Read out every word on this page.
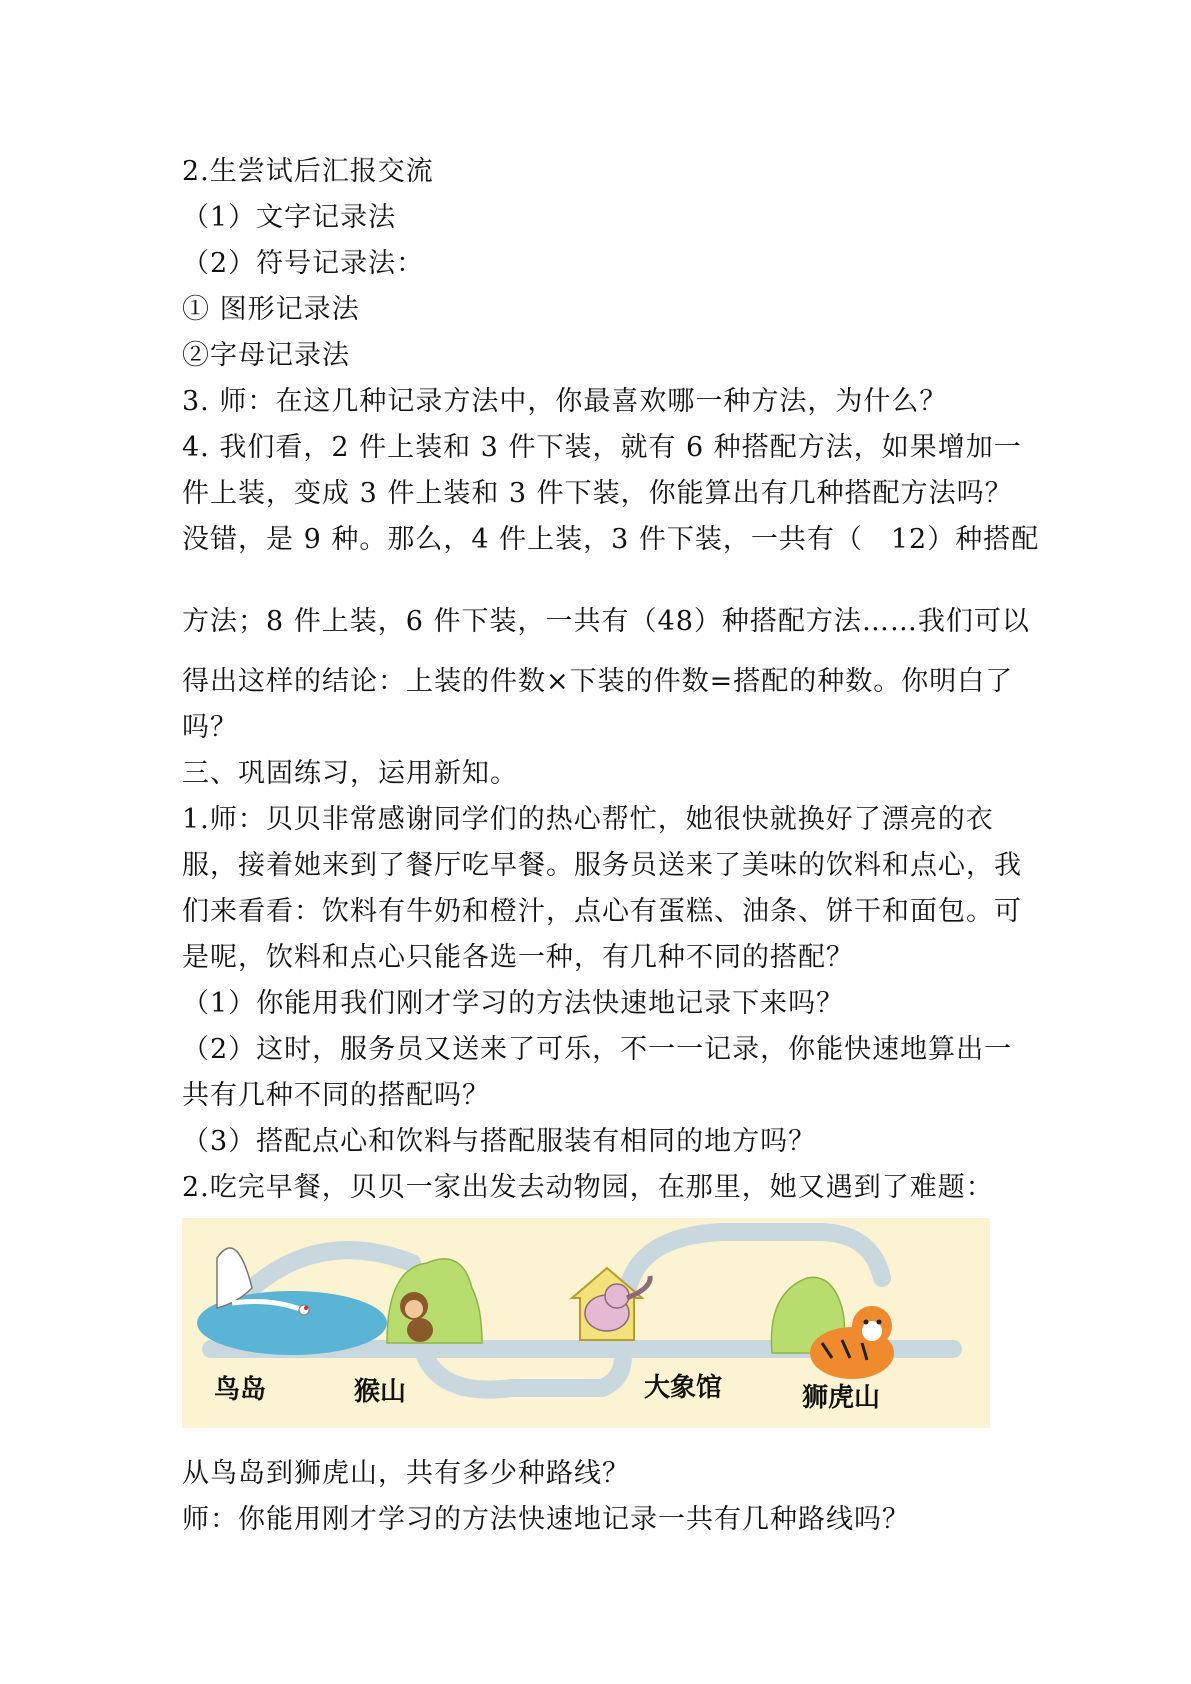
2.生尝试后汇报交流
（1）文字记录法
（2）符号记录法：
① 图形记录法
②字母记录法
3. 师：在这几种记录方法中，你最喜欢哪一种方法，为什么？
4. 我们看，2 件上装和 3 件下装，就有 6 种搭配方法，如果增加一
件上装，变成 3 件上装和 3 件下装，你能算出有几种搭配方法吗？
没错，是 9 种。那么，4 件上装，3 件下装，一共有（　12）种搭配
方法；8 件上装，6 件下装，一共有（48）种搭配方法……我们可以
得出这样的结论：上装的件数×下装的件数=搭配的种数。你明白了
吗？
三、巩固练习，运用新知。
1.师：贝贝非常感谢同学们的热心帮忙，她很快就换好了漂亮的衣
服，接着她来到了餐厅吃早餐。服务员送来了美味的饮料和点心，我
们来看看：饮料有牛奶和橙汁，点心有蛋糕、油条、饼干和面包。可
是呢，饮料和点心只能各选一种，有几种不同的搭配？
（1）你能用我们刚才学习的方法快速地记录下来吗？
（2）这时，服务员又送来了可乐，不一一记录，你能快速地算出一
共有几种不同的搭配吗？
（3）搭配点心和饮料与搭配服装有相同的地方吗？
2.吃完早餐，贝贝一家出发去动物园，在那里，她又遇到了难题：
鸟岛	猴山	大象馆	狮虎山
从鸟岛到狮虎山，共有多少种路线？
师：你能用刚才学习的方法快速地记录一共有几种路线吗？
